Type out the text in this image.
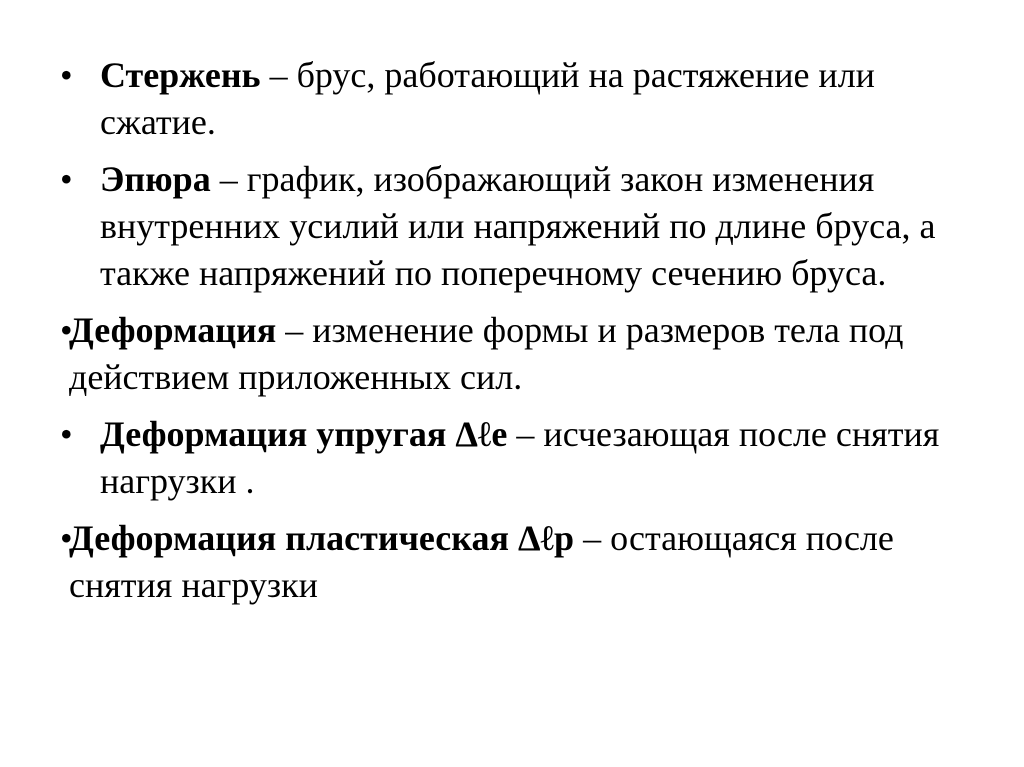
• Стержень – брус, работающий на растяжение или сжатие.
• Эпюра – график, изображающий закон изменения внутренних усилий или напряжений по длине бруса, а также напряжений по поперечному сечению бруса.
•
Деформация – изменение формы и размеров тела под действием приложенных сил.
• Деформация упругая Δℓе – исчезающая после снятия нагрузки .
•
Деформация пластическая Δℓр – остающаяся после снятия нагрузки
